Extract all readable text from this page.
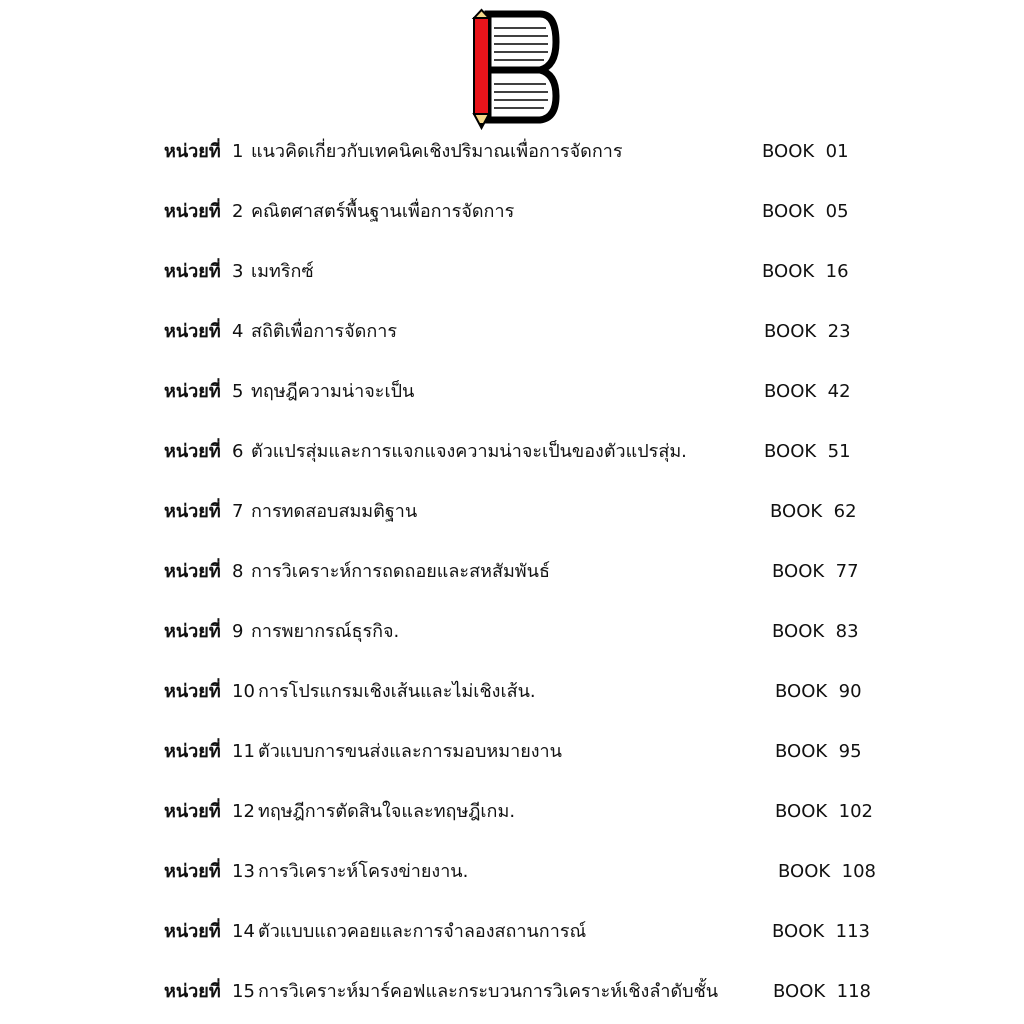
หน่วยที่ 1 แนวคิดเกี่ยวกับเทคนิคเชิงปริมาณเพื่อการจัดการ	BOOK  01
หน่วยที่ 2 คณิตศาสตร์พื้นฐานเพื่อการจัดการ	BOOK  05
หน่วยที่ 3 เมทริกซ์	BOOK  16
หน่วยที่ 4 สถิติเพื่อการจัดการ	BOOK  23
หน่วยที่ 5 ทฤษฎีความน่าจะเป็น	BOOK  42
หน่วยที่ 6 ตัวแปรสุ่มและการแจกแจงความน่าจะเป็นของตัวแปรสุ่ม.	BOOK  51
หน่วยที่ 7 การทดสอบสมมติฐาน	BOOK  62
หน่วยที่ 8 การวิเคราะห์การถดถอยและสหสัมพันธ์	BOOK  77
หน่วยที่ 9 การพยากรณ์ธุรกิจ.	BOOK  83
หน่วยที่ 10 การโปรแกรมเชิงเส้นและไม่เชิงเส้น.	BOOK  90
หน่วยที่ 11 ตัวแบบการขนส่งและการมอบหมายงาน	BOOK  95
หน่วยที่ 12 ทฤษฎีการตัดสินใจและทฤษฎีเกม.	BOOK  102
หน่วยที่ 13 การวิเคราะห์โครงข่ายงาน.	BOOK  108
หน่วยที่ 14 ตัวแบบแถวคอยและการจำลองสถานการณ์	BOOK  113
หน่วยที่ 15 การวิเคราะห์มาร์คอฟและกระบวนการวิเคราะห์เชิงลำดับชั้น	BOOK  118
